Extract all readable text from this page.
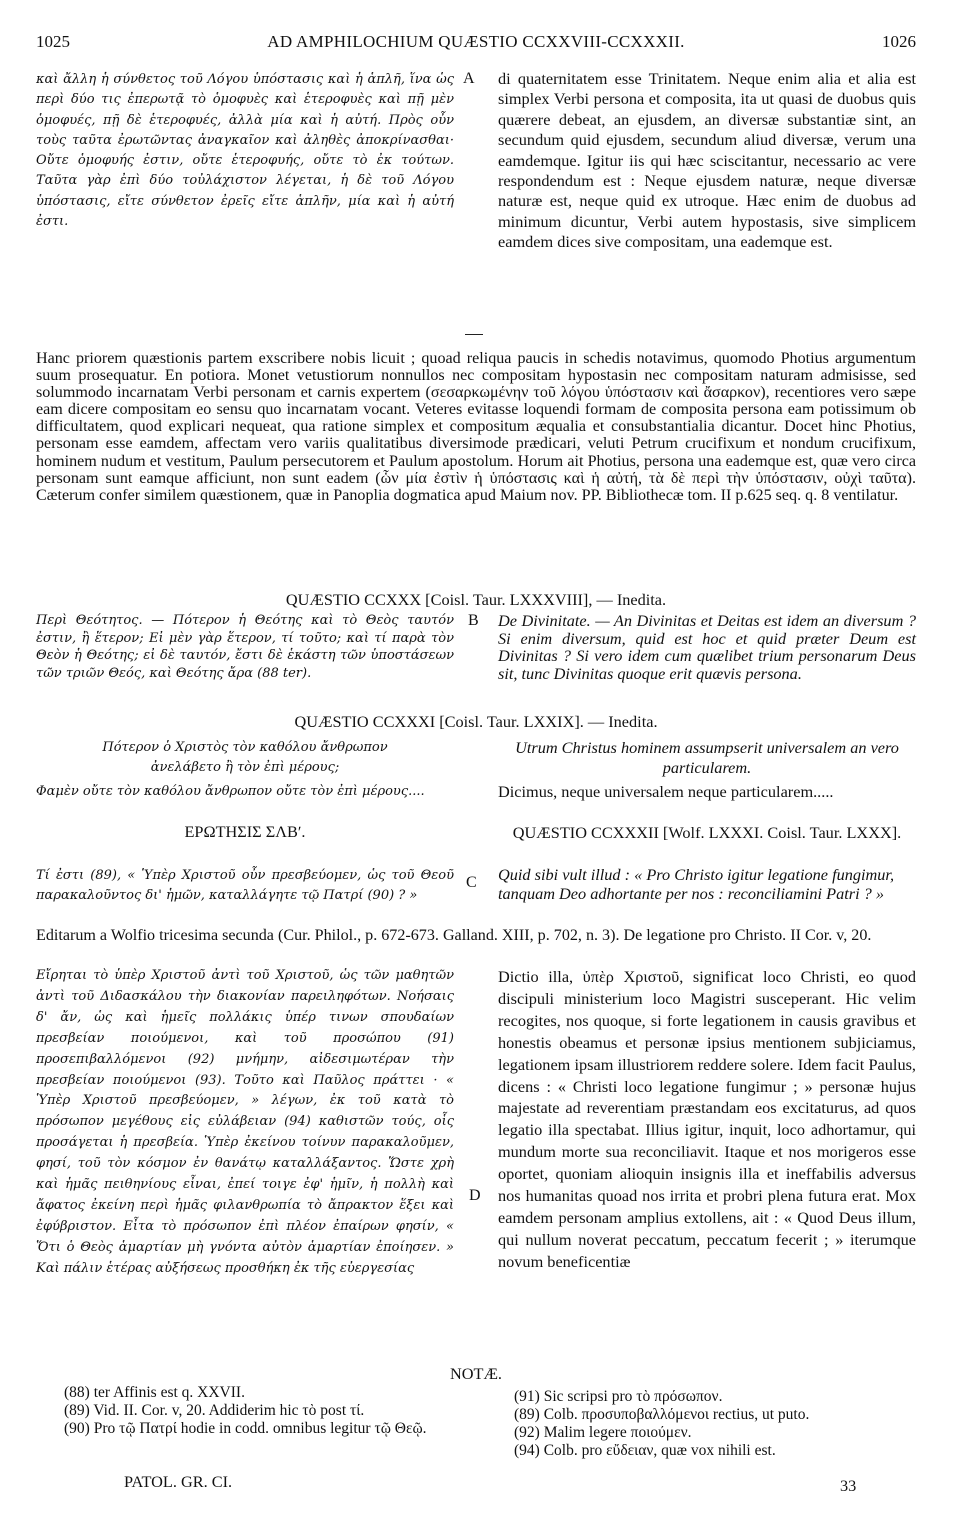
1025	AD AMPHILOCHIUM QUÆSTIO CCXXVIII-CCXXXII.	1026
καὶ ἄλλη ἡ σύνθετος τοῦ Λόγου ὑπόστασις καὶ ἡ ἁπλῆ, ἵνα ὡς περὶ δύο τις ἐπερωτᾷ τὸ ὁμοφυὲς καὶ ἑτεροφυὲς καὶ πῇ μὲν ὁμοφυές, πῇ δὲ ἑτεροφυές, ἀλλὰ μία καὶ ἡ αὐτή. Πρὸς οὖν τοὺς ταῦτα ἐρωτῶντας ἀναγκαῖον καὶ ἀληθὲς ἀποκρίνασθαι· Οὔτε ὁμοφυής ἐστιν, οὔτε ἑτεροφυής, οὔτε τὸ ἐκ τούτων. Ταῦτα γὰρ ἐπὶ δύο τοὐλάχιστον λέγεται, ἡ δὲ τοῦ Λόγου ὑπόστασις, εἴτε σύνθετον ἐρεῖς εἴτε ἁπλῆν, μία καὶ ἡ αὐτή ἐστι.
A di quaternitatem esse Trinitatem. Neque enim alia et alia est simplex Verbi persona et composita, ita ut quasi de duobus quis quærere debeat, an ejusdem, an diversæ substantiæ sint, an secundum quid ejusdem, secundum aliud diversæ, verum una eamdemque. Igitur iis qui hæc sciscitantur, necessario ac vere respondendum est : Neque ejusdem naturæ, neque diversæ naturæ est, neque quid ex utroque. Hæc enim de duobus ad minimum dicuntur, Verbi autem hypostasis, sive simplicem eamdem dices sive compositam, una eademque est.
Hanc priorem quæstionis partem exscribere nobis licuit ; quoad reliqua paucis in schedis notavimus, quomodo Photius argumentum suum prosequatur. En potiora. Monet vetustiorum nonnullos nec compositam hypostasin nec compositam naturam admisisse, sed solummodo incarnatam Verbi personam et carnis expertem (σεσαρκωμένην τοῦ λόγου ὑπόστασιν καὶ ἄσαρκον), recentiores vero sæpe eam dicere compositam eo sensu quo incarnatam vocant. Veteres evitasse loquendi formam de composita persona eam potissimum ob difficultatem, quod explicari nequeat, qua ratione simplex et compositum æqualia et consubstantialia dicantur. Docet hinc Photius, personam esse eamdem, affectam vero variis qualitatibus diversimode prædicari, veluti Petrum crucifixum et nondum crucifixum, hominem nudum et vestitum, Paulum persecutorem et Paulum apostolum. Horum ait Photius, persona una eademque est, quæ vero circa personam sunt eamque afficiunt, non sunt eadem (ὧν μία ἐστὶν ἡ ὑπόστασις καὶ ἡ αὐτή, τὰ δὲ περὶ τὴν ὑπόστασιν, οὐχὶ ταῦτα). Cæterum confer similem quæstionem, quæ in Panoplia dogmatica apud Maium nov. PP. Bibliothecæ tom. II p.625 seq. q. 8 ventilatur.
QUÆSTIO CCXXX [Coisl. Taur. LXXXVIII], — Inedita.
Περὶ Θεότητος. — Πότερον ἡ Θεότης καὶ τὸ Θεὸς ταυτόν ἐστιν, ἢ ἕτερον; Εἰ μὲν γὰρ ἕτερον, τί τοῦτο; καὶ τί παρὰ τὸν Θεὸν ἡ Θεότης; εἰ δὲ ταυτόν, ἔστι δὲ ἑκάστη τῶν ὑποστάσεων τῶν τριῶν Θεός, καὶ Θεότης ἄρα (88 ter).
B De Divinitate. — An Divinitas et Deitas est idem an diversum ? Si enim diversum, quid est hoc et quid præter Deum est Divinitas ? Si vero idem cum quælibet trium personarum Deus sit, tunc Divinitas quoque erit quævis persona.
QUÆSTIO CCXXXI [Coisl. Taur. LXXIX]. — Inedita.
Πότερον ὁ Χριστὸς τὸν καθόλου ἄνθρωπον ἀνελάβετο ἢ τὸν ἐπὶ μέρους;
Utrum Christus hominem assumpserit universalem an vero particularem.
Φαμὲν οὔτε τὸν καθόλου ἄνθρωπον οὔτε τὸν ἐπὶ μέρους....	Dicimus, neque universalem neque particularem.....
ΕΡΩΤΗΣΙΣ ΣΛΒʹ.	QUÆSTIO CCXXXII [Wolf. LXXXI. Coisl. Taur. LXXX].
Τί ἐστι (89), « Ὑπὲρ Χριστοῦ οὖν πρεσβεύομεν, ὡς τοῦ Θεοῦ παρακαλοῦντος δι' ἡμῶν, καταλλάγητε τῷ Πατρί (90) ? »
C Quid sibi vult illud : « Pro Christo igitur legatione fungimur, tanquam Deo adhortante per nos : reconciliamini Patri ? »
Editarum a Wolfio tricesima secunda (Cur. Philol., p. 672-673. Galland. XIII, p. 702, n. 3). De legatione pro Christo. II Cor. v, 20.
Εἴρηται τὸ ὑπὲρ Χριστοῦ ἀντὶ τοῦ Χριστοῦ, ὡς τῶν μαθητῶν ἀντὶ τοῦ Διδασκάλου τὴν διακονίαν παρειληφότων. Νοήσαις δ' ἄν, ὡς καὶ ἡμεῖς πολλάκις ὑπέρ τινων σπουδαίων πρεσβείαν ποιούμενοι, καὶ τοῦ προσώπου (91) προσεπιβαλλόμενοι (92) μνήμην, αἰδεσιμωτέραν τὴν πρεσβείαν ποιούμενοι (93). Τοῦτο καὶ Παῦλος πράττει · « Ὑπὲρ Χριστοῦ πρεσβεύομεν, » λέγων, ἐκ τοῦ κατὰ τὸ πρόσωπον μεγέθους εἰς εὐλάβειαν (94) καθιστῶν τούς, οἷς προσάγεται ἡ πρεσβεία. Ὑπὲρ ἐκείνου τοίνυν παρακαλοῦμεν, φησί, τοῦ τὸν κόσμον ἐν θανάτῳ καταλλάξαντος. Ὥστε χρὴ καὶ ἡμᾶς πειθηνίους εἶναι, ἐπεί τοιγε ἐφ' ἡμῖν, ἡ πολλὴ καὶ ἄφατος ἐκείνη περὶ ἡμᾶς φιλανθρωπία τὸ ἄπρακτον ἕξει καὶ ἐφύβριστον. Εἶτα τὸ πρόσωπον ἐπὶ πλέον ἐπαίρων φησίν, « Ὅτι ὁ Θεὸς ἁμαρτίαν μὴ γνόντα αὐτὸν ἁμαρτίαν ἐποίησεν. » Καὶ πάλιν ἑτέρας αὐξήσεως προσθήκη ἐκ τῆς εὐεργεσίας
D
Dictio illa, ὑπὲρ Χριστοῦ, significat loco Christi, eo quod discipuli ministerium loco Magistri susceperant. Hic velim recogites, nos quoque, si forte legationem in causis gravibus et honestis obeamus et personæ ipsius mentionem subjiciamus, legationem ipsam illustriorem reddere solere. Idem facit Paulus, dicens : « Christi loco legatione fungimur ; » personæ hujus majestate ad reverentiam præstandam eos excitaturus, ad quos legatio illa spectabat. Illius igitur, inquit, loco adhortamur, qui mundum morte sua reconciliavit. Itaque et nos morigeros esse oportet, quoniam alioquin insignis illa et ineffabilis adversus nos humanitas quoad nos irrita et probri plena futura erat. Mox eamdem personam amplius extollens, ait : « Quod Deus illum, qui nullum noverat peccatum, peccatum fecerit ; » iterumque novum beneficentiæ
NOTÆ.

(88) ter Affinis est q. XXVII.

(89) Vid. II. Cor. v, 20. Addiderim hic τὸ post τί.

(90) Pro τῷ Πατρί hodie in codd. omnibus legitur τῷ Θεῷ.

(91) Sic scripsi pro τὸ πρόσωπον.

(89) Colb. προσυποβαλλόμενοι rectius, ut puto.

(92) Malim legere ποιούμεν.

(94) Colb. pro εὔδειαν, quæ vox nihili est.

PATOL. GR. CI.	33
